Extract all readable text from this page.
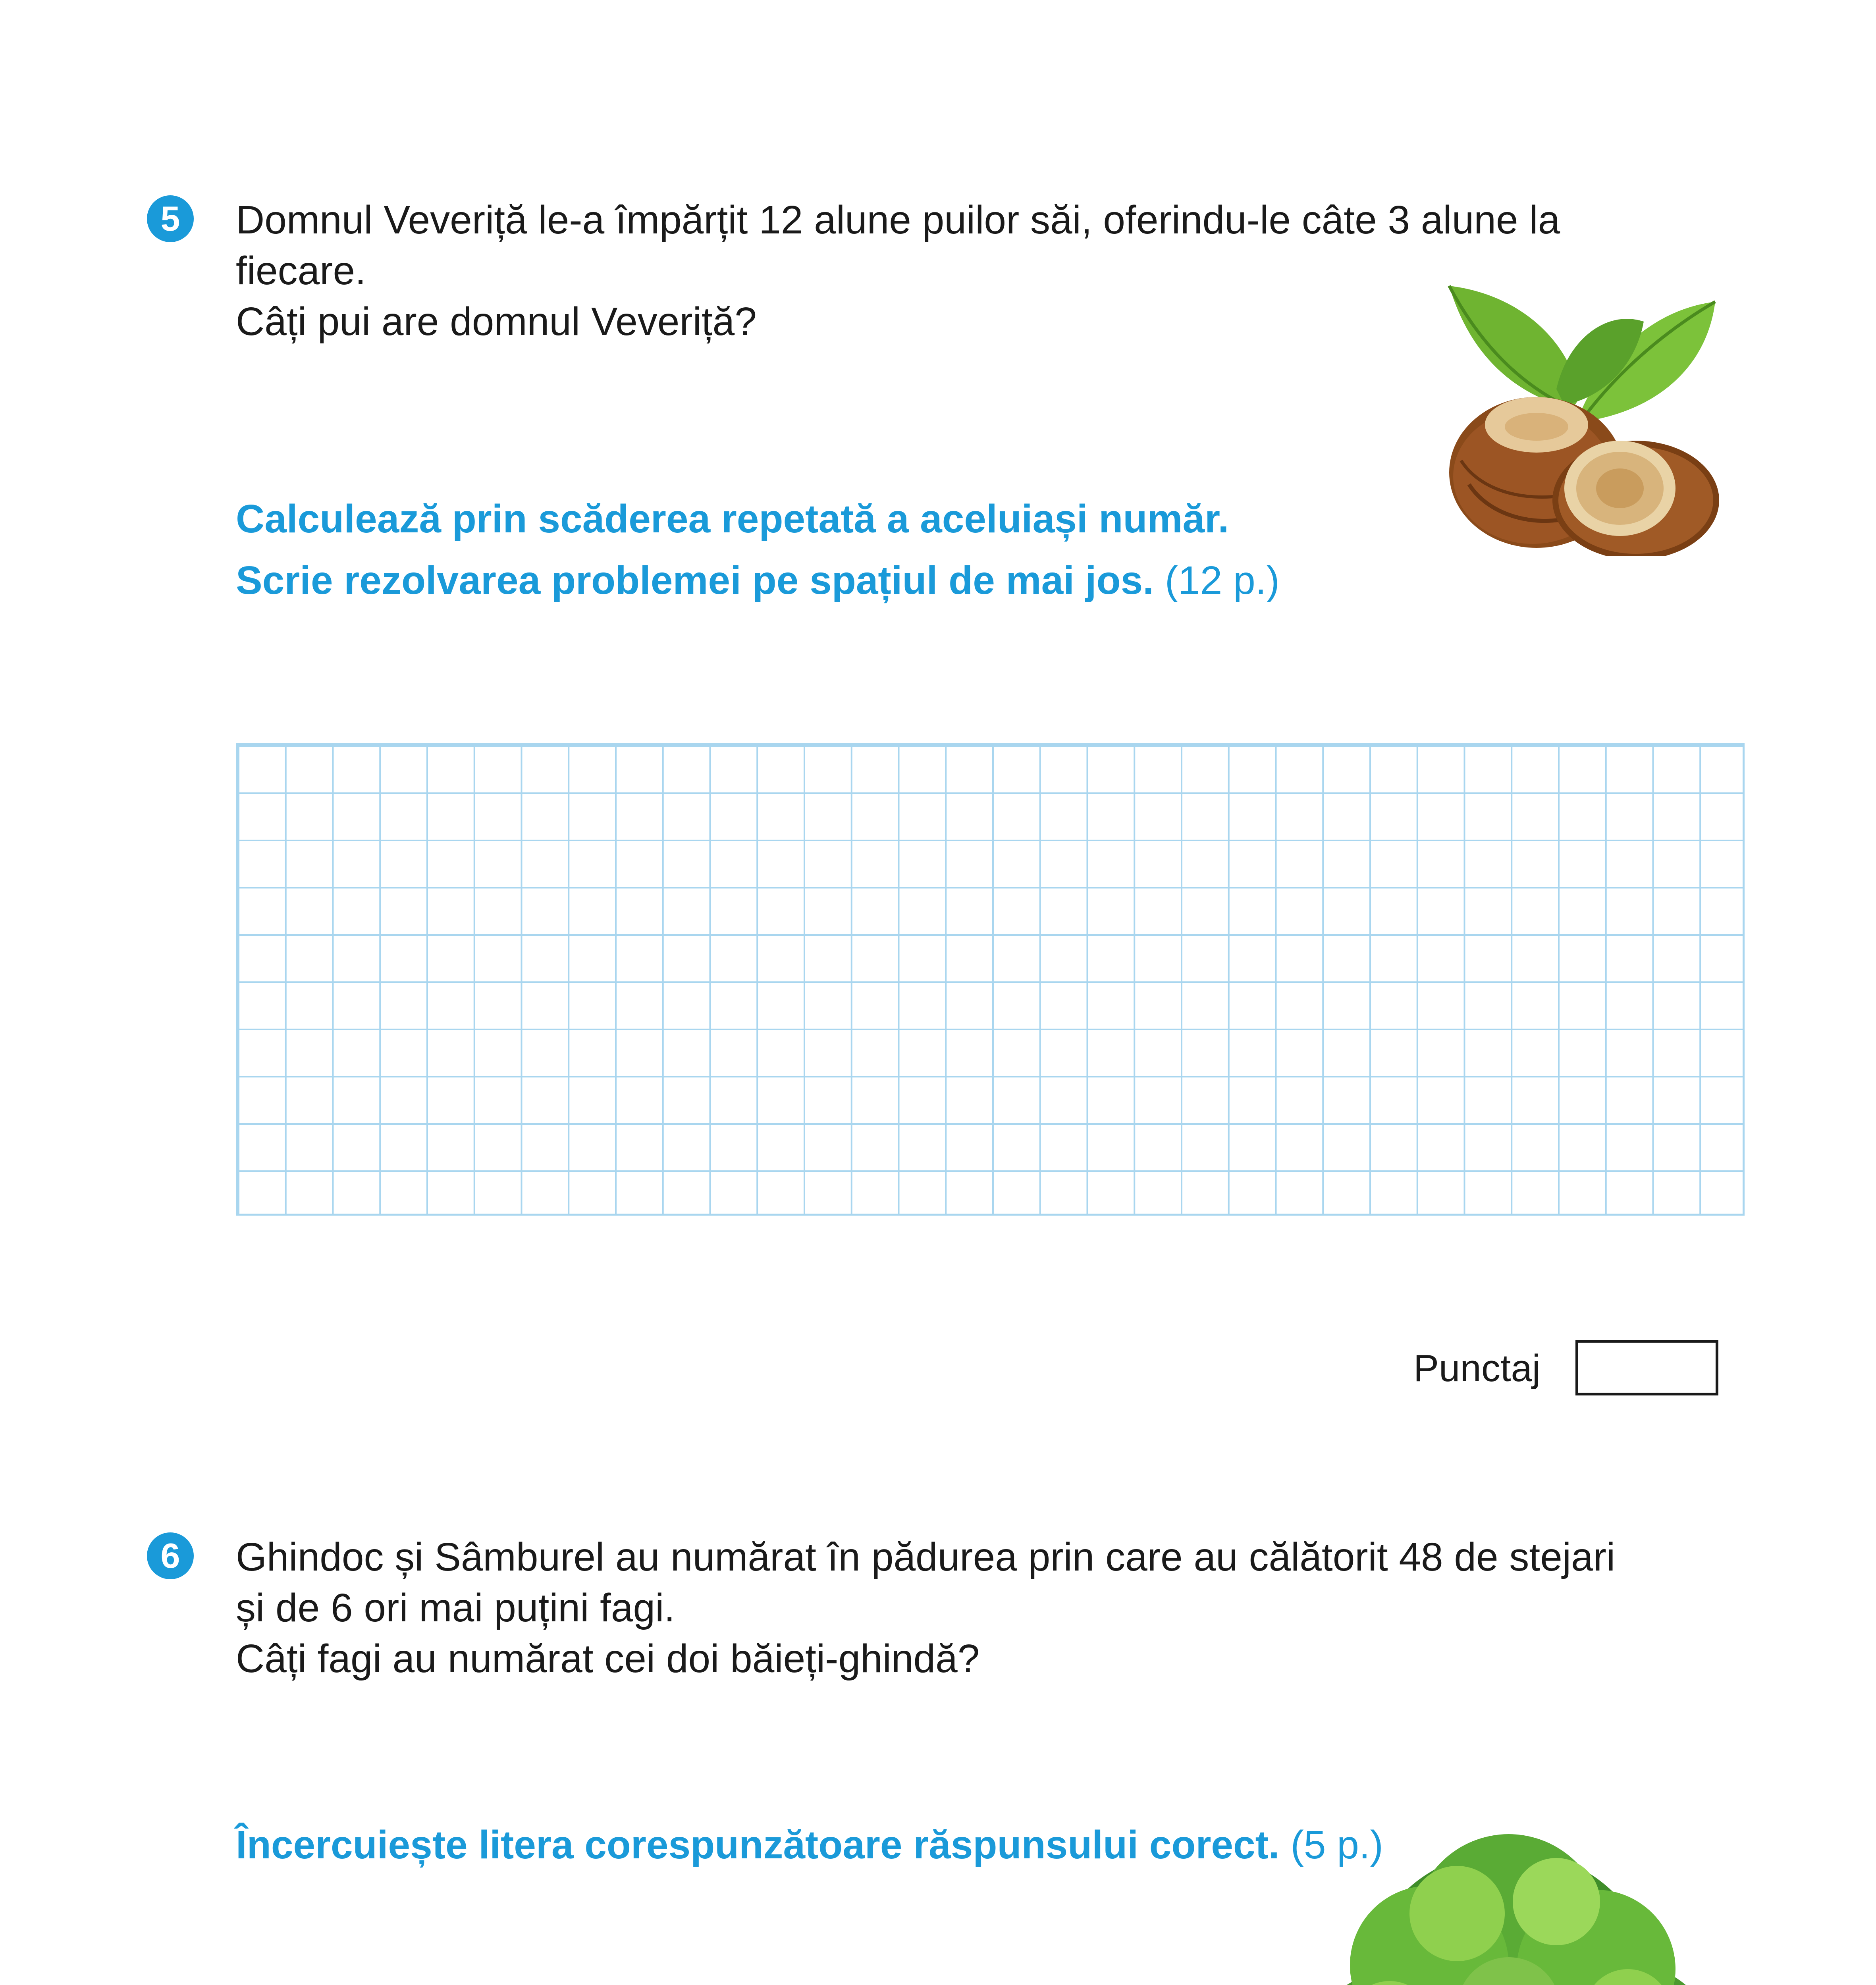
5	Domnul Veveriță le-a împărțit 12 alune puilor săi, oferindu-le câte 3 alune la
fiecare.
Câți pui are domnul Veveriță?
Calculează prin scăderea repetată a aceluiași număr.
Scrie rezolvarea problemei pe spațiul de mai jos. (12 p.)
Punctaj
6	Ghindoc și Sâmburel au numărat în pădurea prin care au călătorit 48 de stejari
și de 6 ori mai puțini fagi.
Câți fagi au numărat cei doi băieți-ghindă?
Încercuiește litera corespunzătoare răspunsului corect. (5 p.)
